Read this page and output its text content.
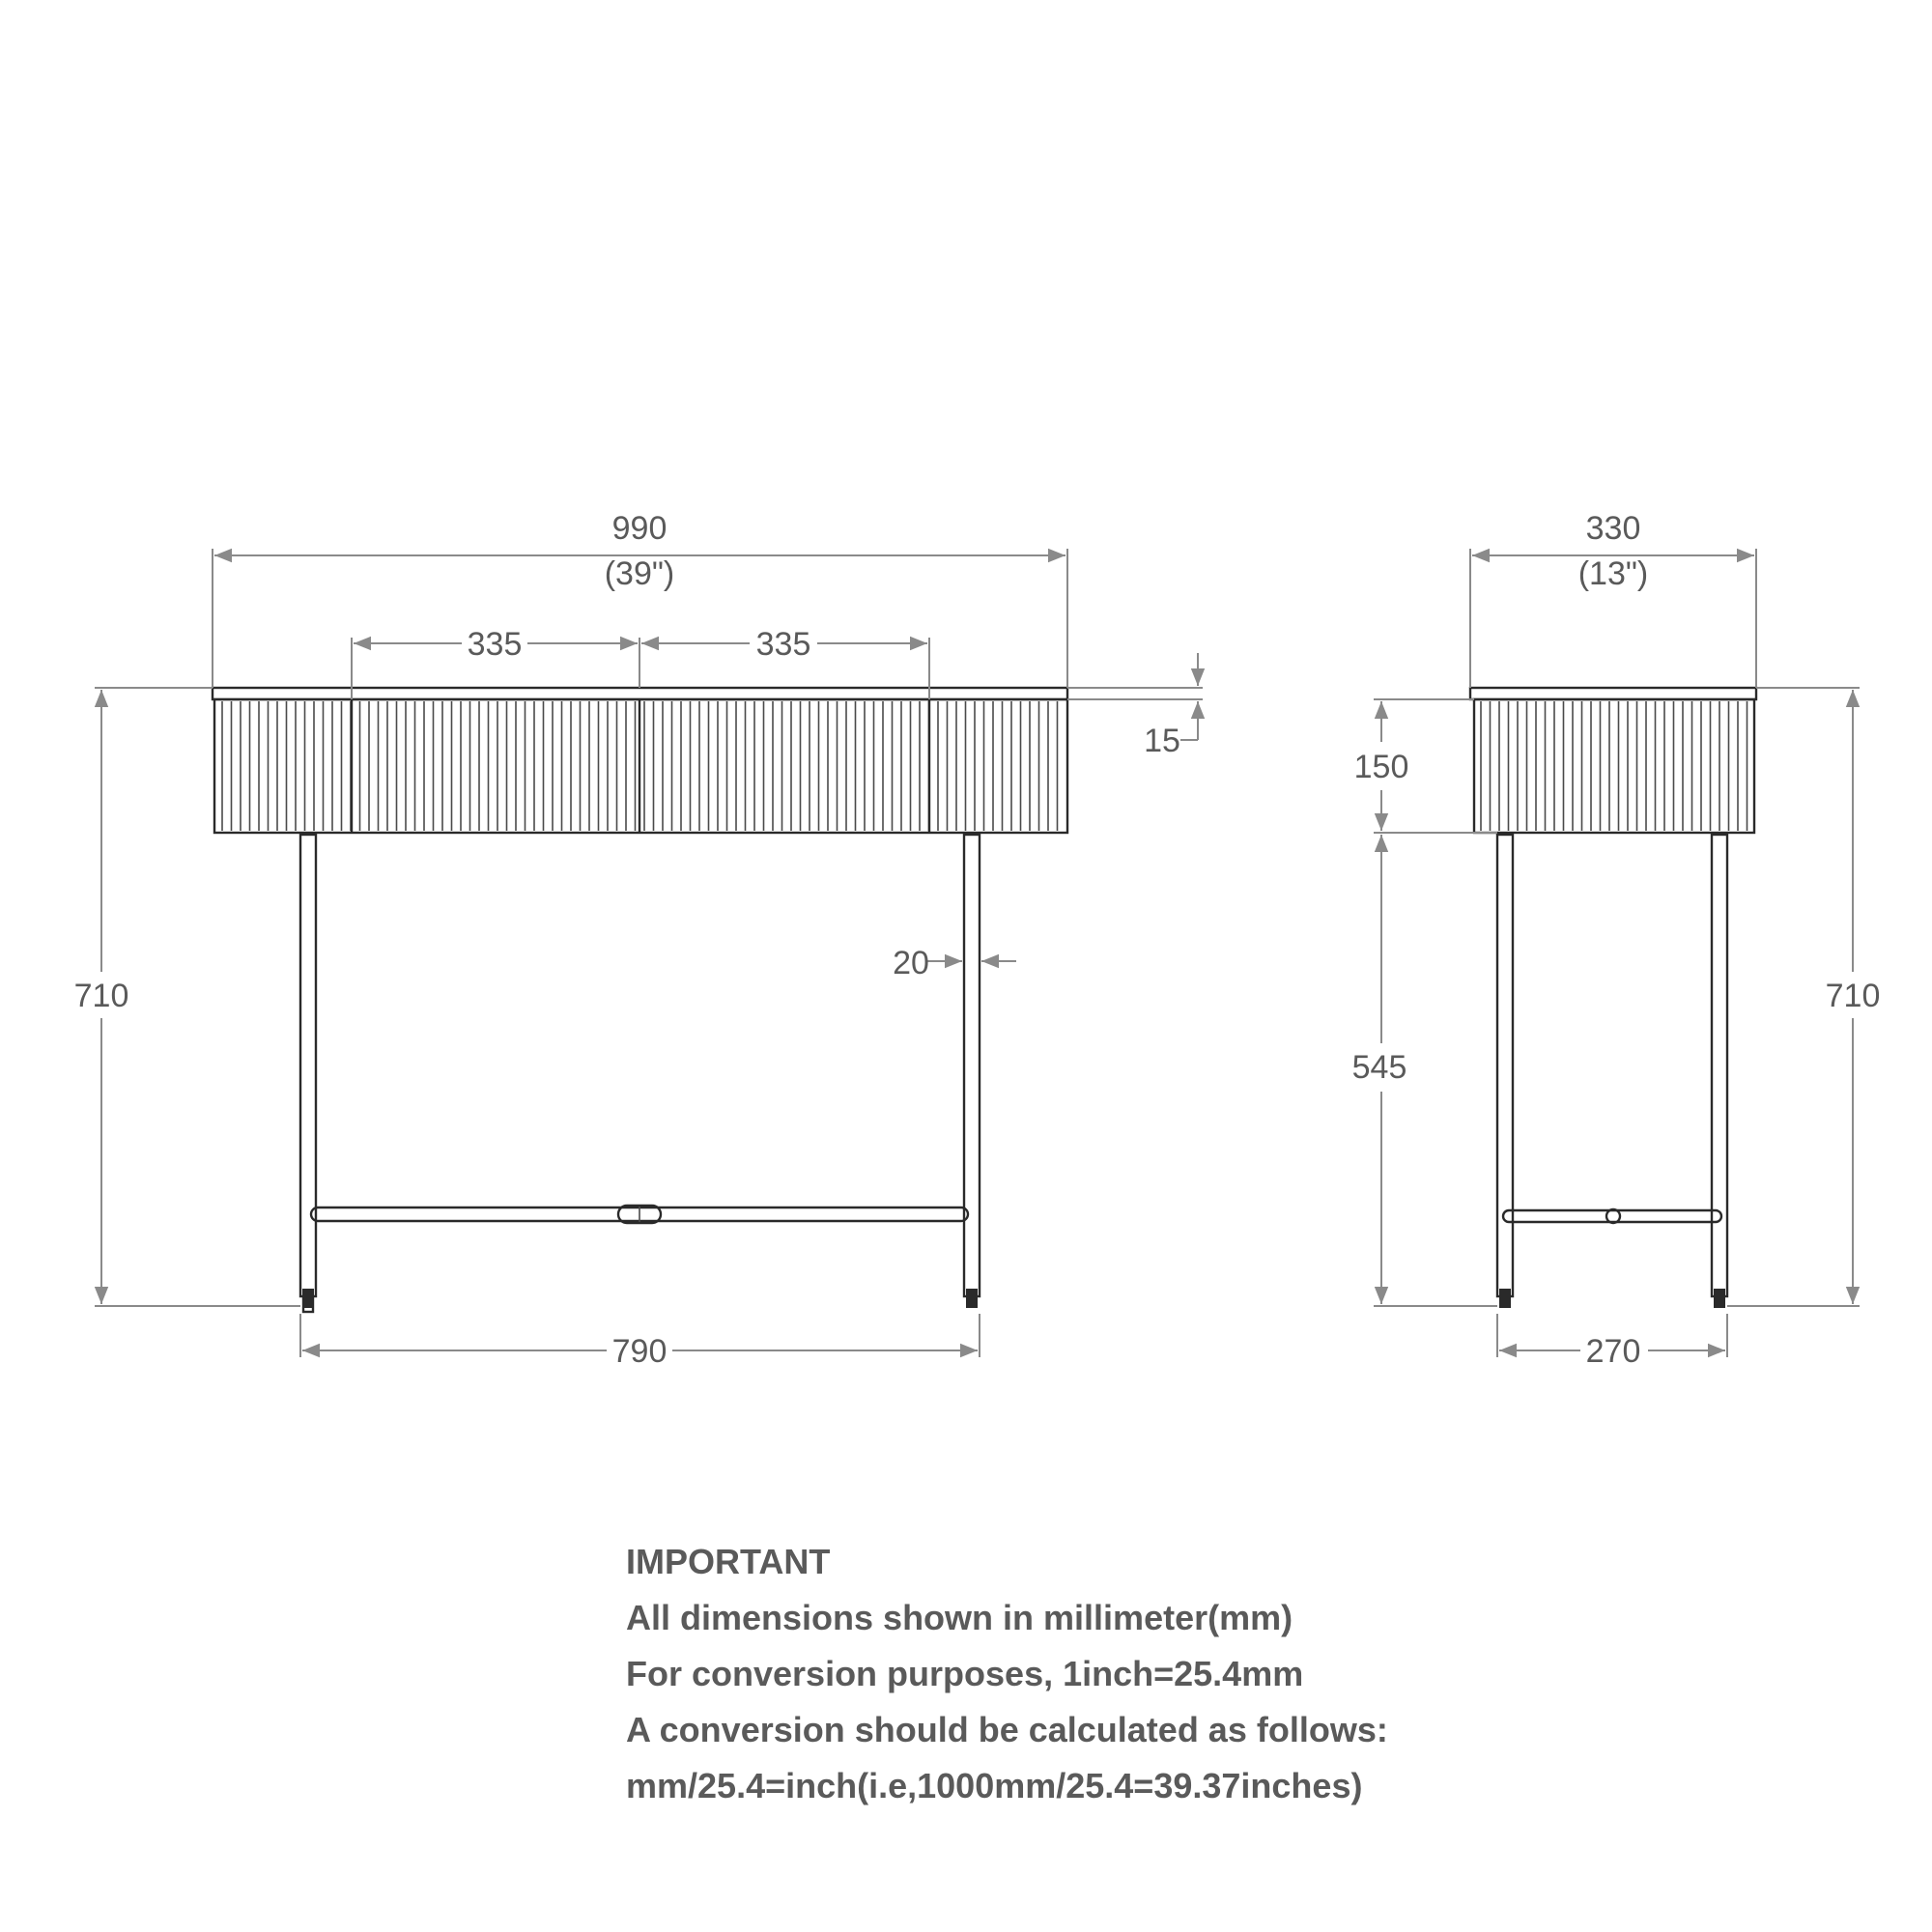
990
(39")
335	335
15
710
20
790
330
(13")
150
545
710
270
IMPORTANT
All dimensions shown in millimeter(mm)
For conversion purposes, 1inch=25.4mm
A conversion should be calculated as follows:
mm/25.4=inch(i.e,1000mm/25.4=39.37inches)
